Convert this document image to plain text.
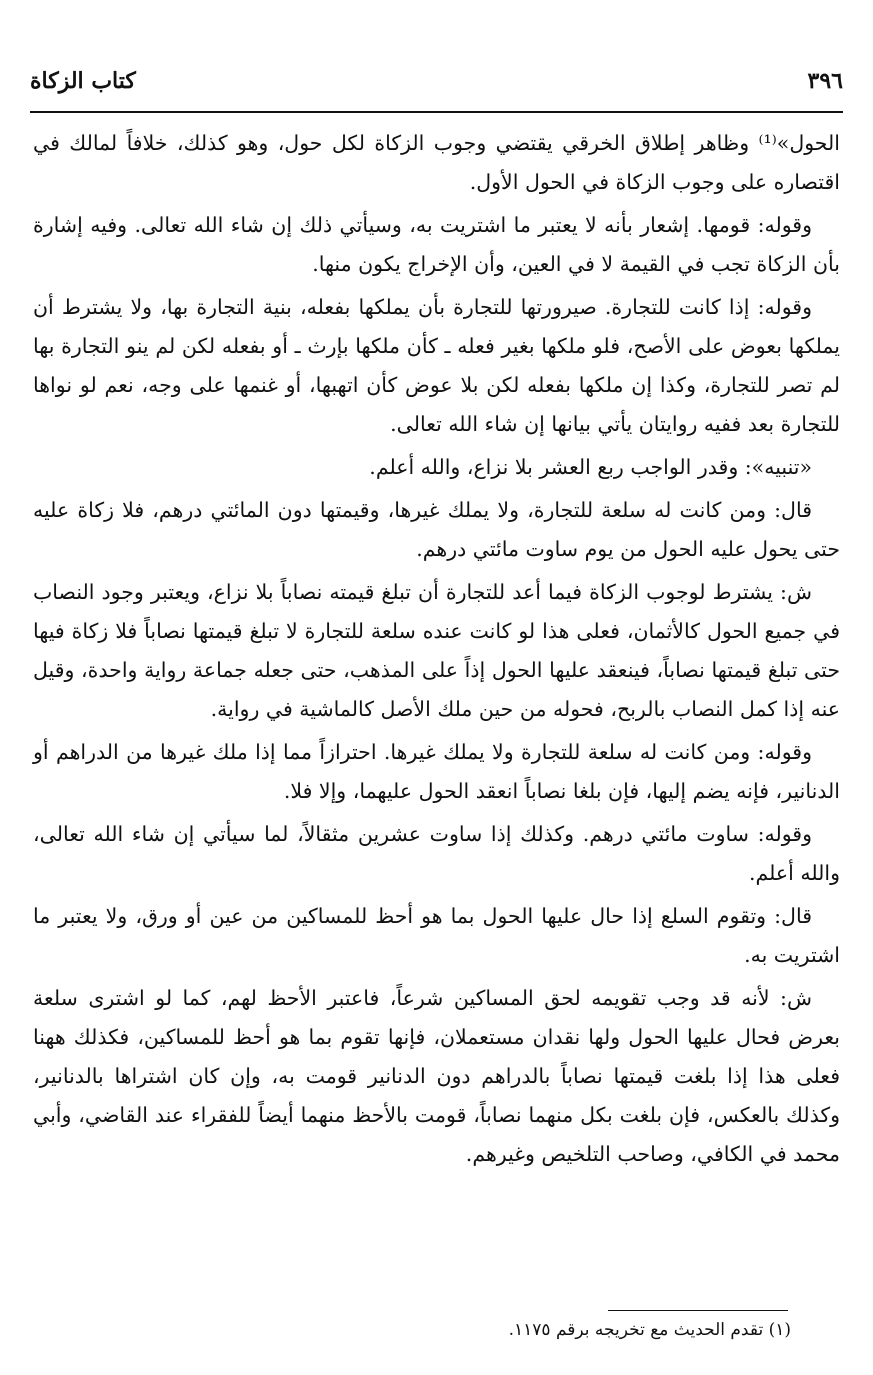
٣٩٦
كتاب الزكاة

الحول»⁽¹⁾ وظاهر إطلاق الخرقي يقتضي وجوب الزكاة لكل حول، وهو كذلك، خلافاً لمالك في اقتصاره على وجوب الزكاة في الحول الأول.

وقوله: قومها. إشعار بأنه لا يعتبر ما اشتريت به، وسيأتي ذلك إن شاء الله تعالى. وفيه إشارة بأن الزكاة تجب في القيمة لا في العين، وأن الإخراج يكون منها.

وقوله: إذا كانت للتجارة. صيرورتها للتجارة بأن يملكها بفعله، بنية التجارة بها، ولا يشترط أن يملكها بعوض على الأصح، فلو ملكها بغير فعله ـ كأن ملكها بإرث ـ أو بفعله لكن لم ينو التجارة بها لم تصر للتجارة، وكذا إن ملكها بفعله لكن بلا عوض كأن اتهبها، أو غنمها على وجه، نعم لو نواها للتجارة بعد ففيه روايتان يأتي بيانها إن شاء الله تعالى.

«تنبيه»: وقدر الواجب ربع العشر بلا نزاع، والله أعلم.

قال: ومن كانت له سلعة للتجارة، ولا يملك غيرها، وقيمتها دون المائتي درهم، فلا زكاة عليه حتى يحول عليه الحول من يوم ساوت مائتي درهم.

ش: يشترط لوجوب الزكاة فيما أعد للتجارة أن تبلغ قيمته نصاباً بلا نزاع، ويعتبر وجود النصاب في جميع الحول كالأثمان، فعلى هذا لو كانت عنده سلعة للتجارة لا تبلغ قيمتها نصاباً فلا زكاة فيها حتى تبلغ قيمتها نصاباً، فينعقد عليها الحول إذاً على المذهب، حتى جعله جماعة رواية واحدة، وقيل عنه إذا كمل النصاب بالربح، فحوله من حين ملك الأصل كالماشية في رواية.

وقوله: ومن كانت له سلعة للتجارة ولا يملك غيرها. احترازاً مما إذا ملك غيرها من الدراهم أو الدنانير، فإنه يضم إليها، فإن بلغا نصاباً انعقد الحول عليهما، وإلا فلا.

وقوله: ساوت مائتي درهم. وكذلك إذا ساوت عشرين مثقالاً، لما سيأتي إن شاء الله تعالى، والله أعلم.

قال: وتقوم السلع إذا حال عليها الحول بما هو أحظ للمساكين من عين أو ورق، ولا يعتبر ما اشتريت به.

ش: لأنه قد وجب تقويمه لحق المساكين شرعاً، فاعتبر الأحظ لهم، كما لو اشترى سلعة بعرض فحال عليها الحول ولها نقدان مستعملان، فإنها تقوم بما هو أحظ للمساكين، فكذلك ههنا فعلى هذا إذا بلغت قيمتها نصاباً بالدراهم دون الدنانير قومت به، وإن كان اشتراها بالدنانير، وكذلك بالعكس، فإن بلغت بكل منهما نصاباً، قومت بالأحظ منهما أيضاً للفقراء عند القاضي، وأبي محمد في الكافي، وصاحب التلخيص وغيرهم.

(١) تقدم الحديث مع تخريجه برقم ١١٧٥.
